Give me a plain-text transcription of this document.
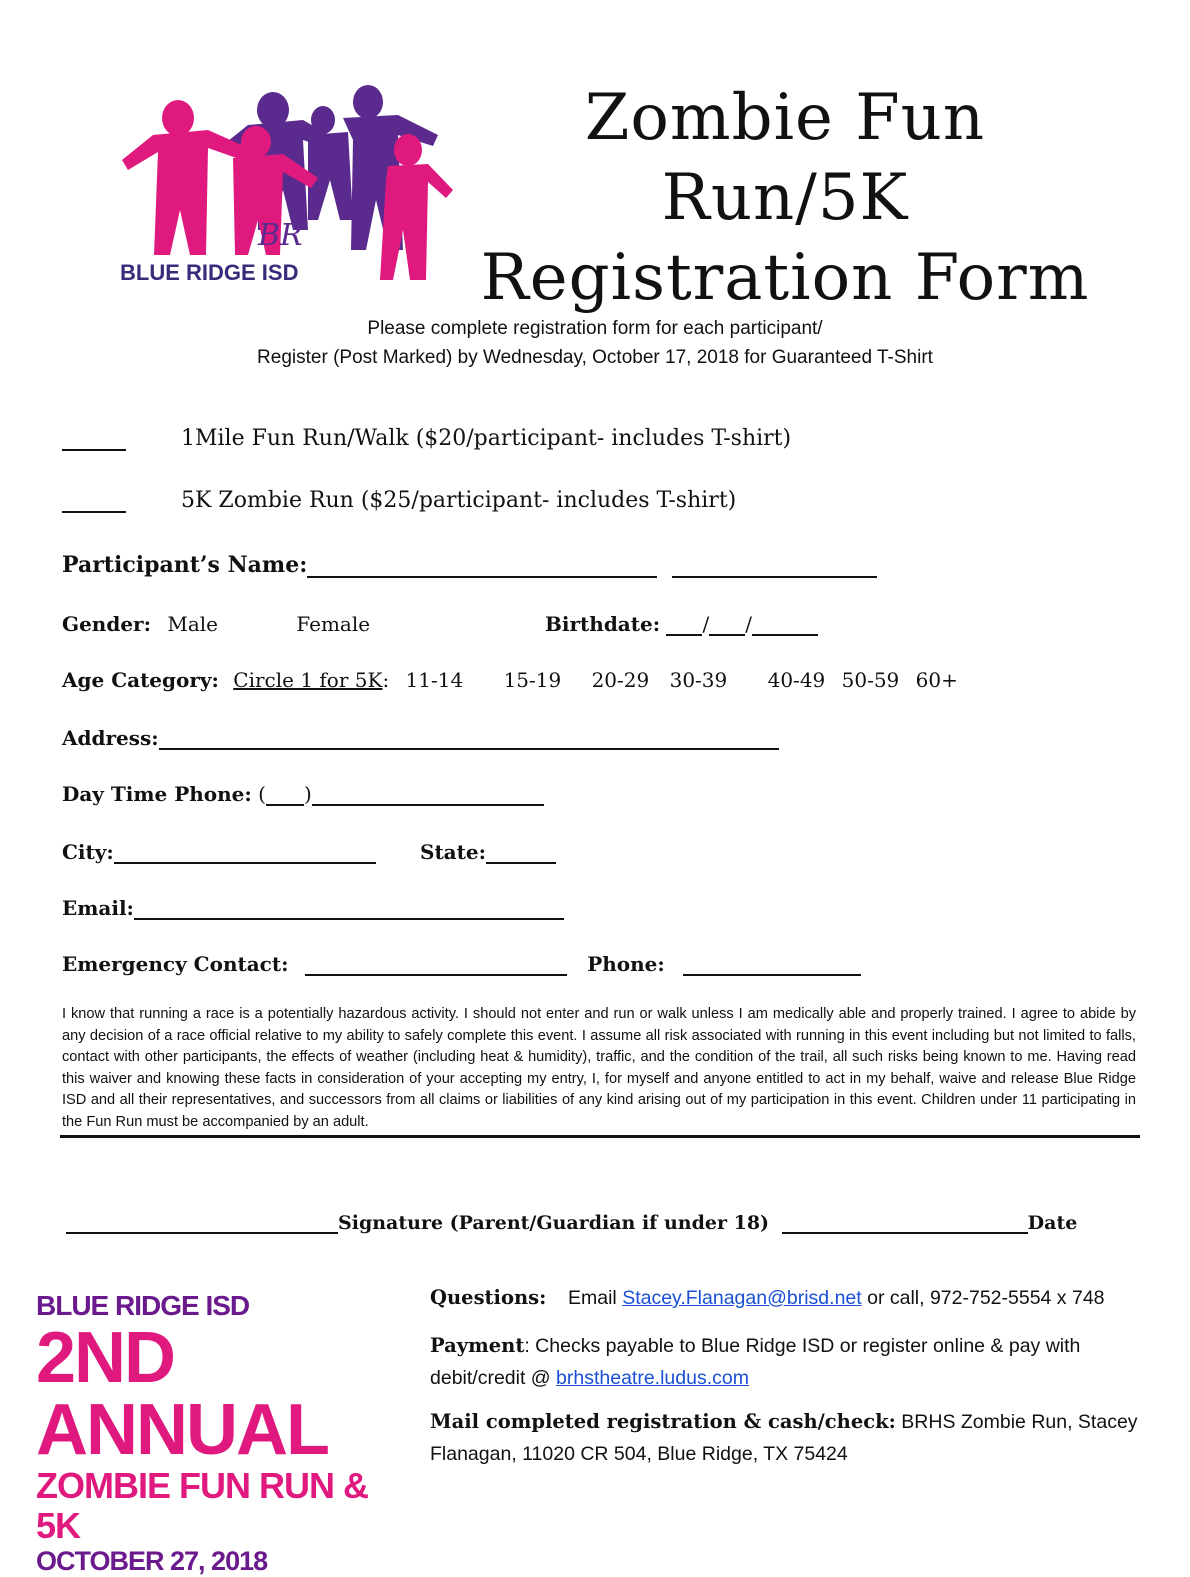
BR
BLUE RIDGE ISD
Zombie Fun Run/5K
Registration Form
Please complete registration form for each participant/
Register (Post Marked) by Wednesday, October 17, 2018 for Guaranteed T-Shirt
1Mile Fun Run/Walk ($20/participant- includes T-shirt)
5K Zombie Run ($25/participant- includes T-shirt)
Participant’s Name:
Gender: Male	Female	Birthdate: / /
Age Category: Circle 1 for 5K: 11-14 15-19 20-29 30-39 40-49 50-59 60+
Address:
Day Time Phone: ( )
City:	State:
Email:
Emergency Contact:	Phone:
I know that running a race is a potentially hazardous activity. I should not enter and run or walk unless I am medically able and properly trained. I agree to abide by any decision of a race official relative to my ability to safely complete this event. I assume all risk associated with running in this event including but not limited to falls, contact with other participants, the effects of weather (including heat & humidity), traffic, and the condition of the trail, all such risks being known to me. Having read this waiver and knowing these facts in consideration of your accepting my entry, I, for myself and anyone entitled to act in my behalf, waive and release Blue Ridge ISD and all their representatives, and successors from all claims or liabilities of any kind arising out of my participation in this event. Children under 11 participating in the Fun Run must be accompanied by an adult.
Signature (Parent/Guardian if under 18)	Date
BLUE RIDGE ISD
2ND ANNUAL
ZOMBIE FUN RUN & 5K
OCTOBER 27, 2018
Questions: Email Stacey.Flanagan@brisd.net or call, 972-752-5554 x 748
Payment: Checks payable to Blue Ridge ISD or register online & pay with debit/credit @ brhstheatre.ludus.com
Mail completed registration & cash/check: BRHS Zombie Run, Stacey Flanagan, 11020 CR 504, Blue Ridge, TX 75424
